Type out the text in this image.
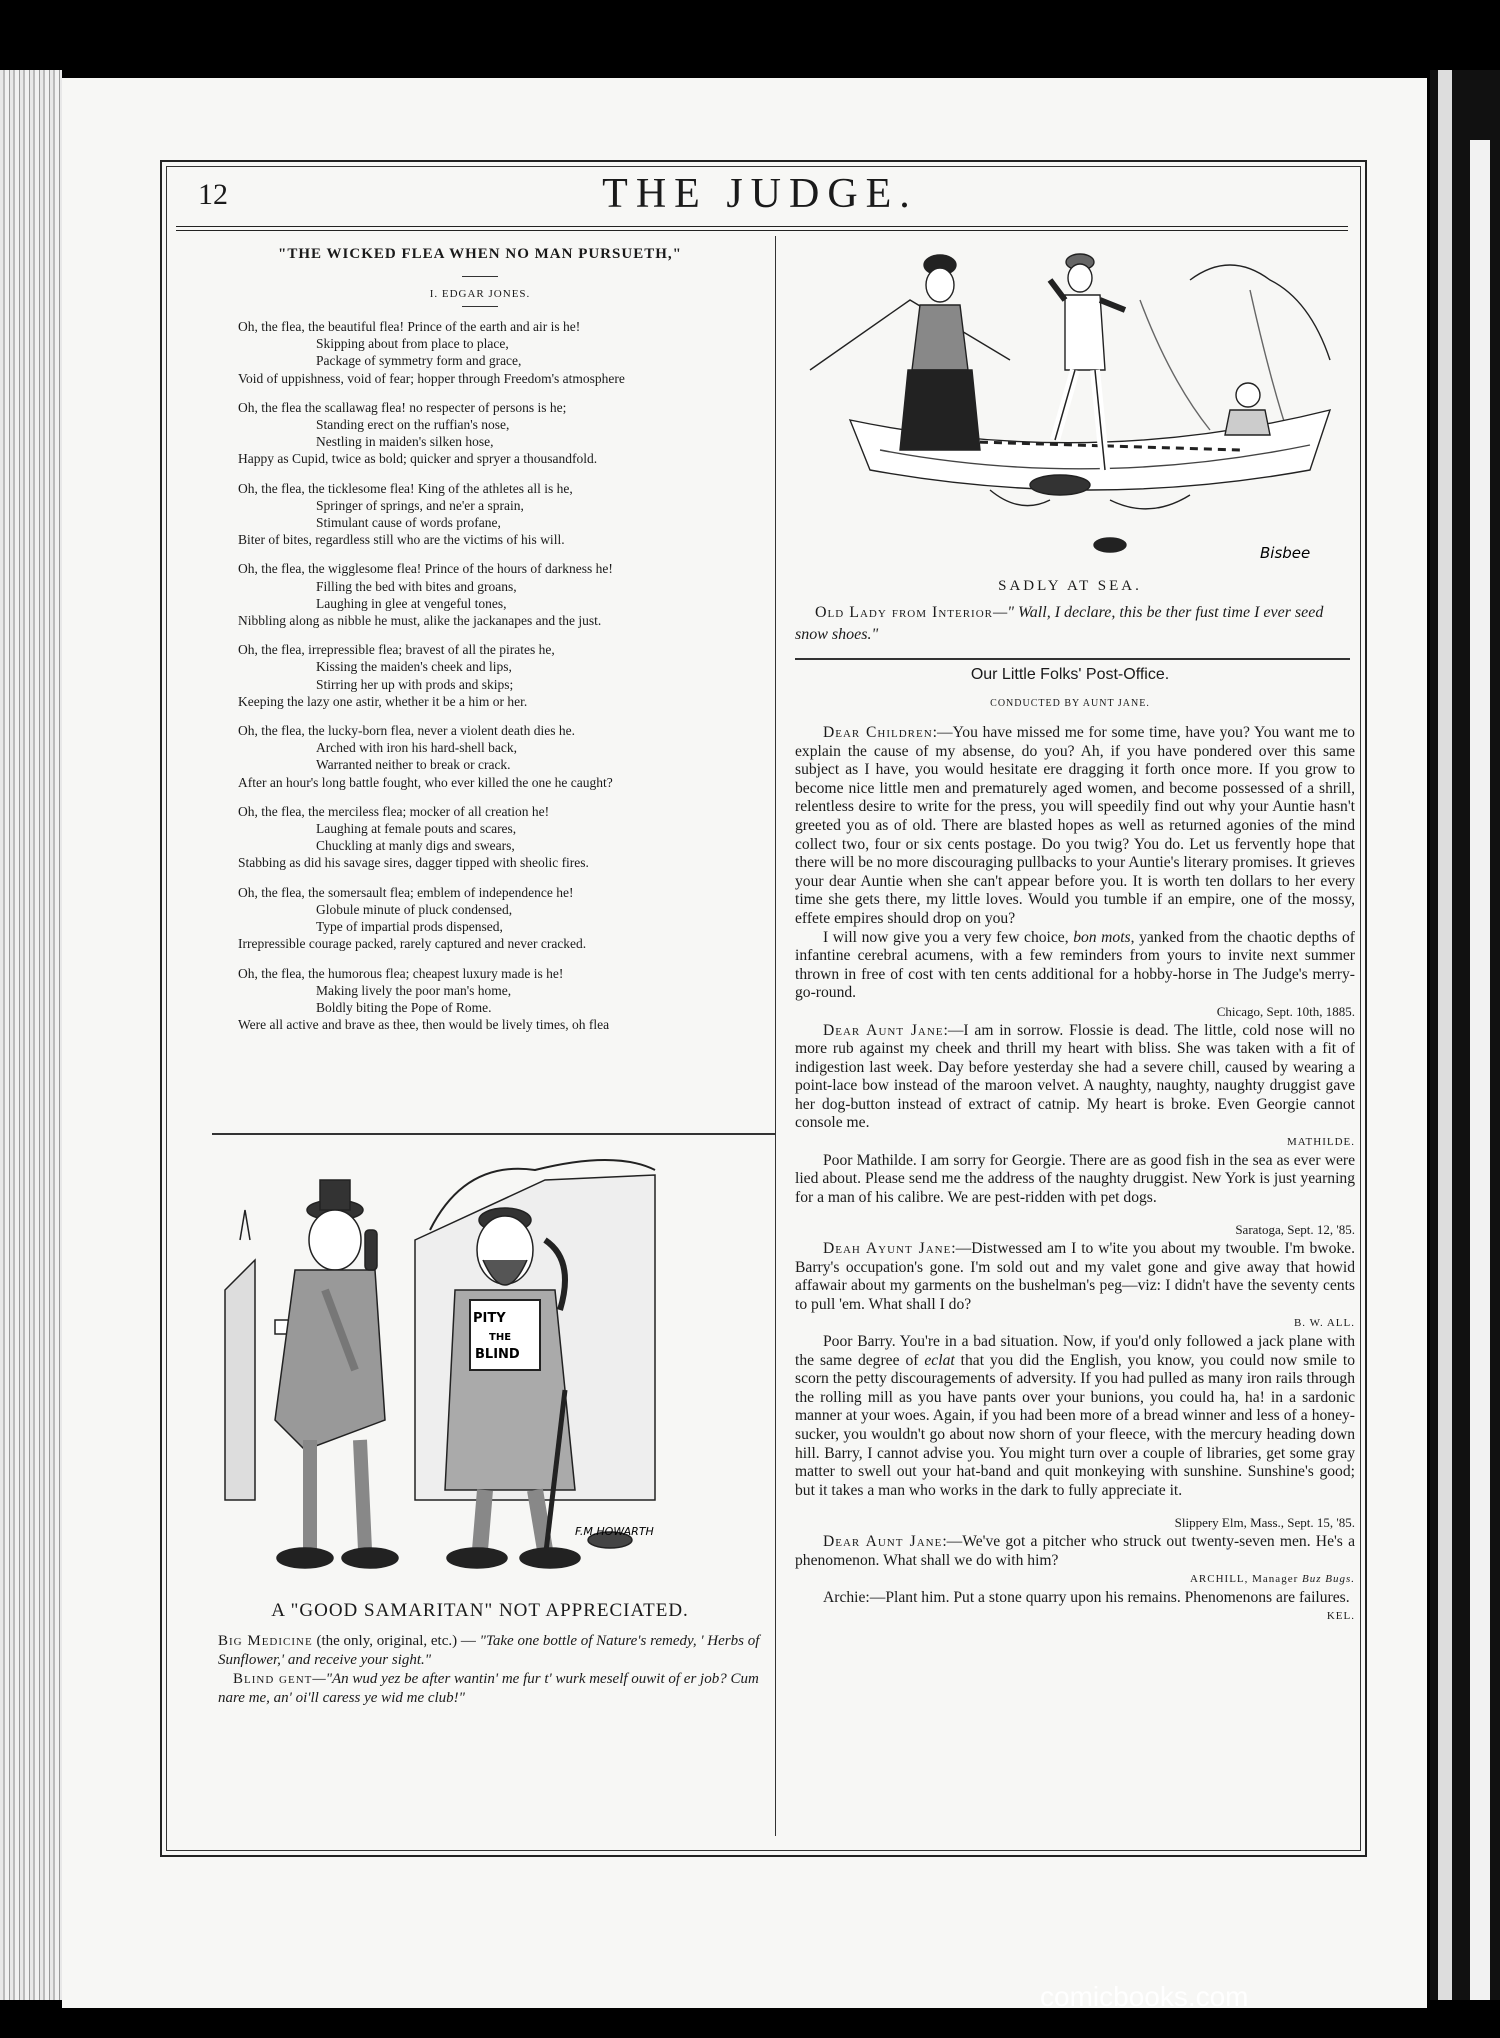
12	THE JUDGE.
"THE WICKED FLEA WHEN NO MAN PURSUETH,"
I. EDGAR JONES.
Oh, the flea, the beautiful flea! Prince of the earth and air is he!
Skipping about from place to place,
Package of symmetry form and grace,
Void of uppishness, void of fear; hopper through Freedom's atmosphere
Oh, the flea the scallawag flea! no respecter of persons is he;
Standing erect on the ruffian's nose,
Nestling in maiden's silken hose,
Happy as Cupid, twice as bold; quicker and spryer a thousandfold.
Oh, the flea, the ticklesome flea! King of the athletes all is he,
Springer of springs, and ne'er a sprain,
Stimulant cause of words profane,
Biter of bites, regardless still who are the victims of his will.
Oh, the flea, the wigglesome flea! Prince of the hours of darkness he!
Filling the bed with bites and groans,
Laughing in glee at vengeful tones,
Nibbling along as nibble he must, alike the jackanapes and the just.
Oh, the flea, irrepressible flea; bravest of all the pirates he,
Kissing the maiden's cheek and lips,
Stirring her up with prods and skips;
Keeping the lazy one astir, whether it be a him or her.
Oh, the flea, the lucky-born flea, never a violent death dies he.
Arched with iron his hard-shell back,
Warranted neither to break or crack.
After an hour's long battle fought, who ever killed the one he caught?
Oh, the flea, the merciless flea; mocker of all creation he!
Laughing at female pouts and scares,
Chuckling at manly digs and swears,
Stabbing as did his savage sires, dagger tipped with sheolic fires.
Oh, the flea, the somersault flea; emblem of independence he!
Globule minute of pluck condensed,
Type of impartial prods dispensed,
Irrepressible courage packed, rarely captured and never cracked.
Oh, the flea, the humorous flea; cheapest luxury made is he!
Making lively the poor man's home,
Boldly biting the Pope of Rome.
Were all active and brave as thee, then would be lively times, oh flea
PITY
THE
BLIND
F.M.HOWARTH
A "GOOD SAMARITAN" NOT APPRECIATED.
Big Medicine (the only, original, etc.) — "Take one bottle of Nature's remedy, ' Herbs of Sunflower,' and receive your sight."
Blind gent—"An wud yez be after wantin' me fur t' wurk meself ouwit of er job? Cum nare me, an' oi'll caress ye wid me club!"
Bisbee
SADLY AT SEA.
Old Lady from Interior—" Wall, I declare, this be ther fust time I ever seed snow shoes."
Our Little Folks' Post-Office.
CONDUCTED BY AUNT JANE.

Dear Children:—You have missed me for some time, have you? You want me to explain the cause of my absense, do you? Ah, if you have pondered over this same subject as I have, you would hesitate ere dragging it forth once more. If you grow to become nice little men and prematurely aged women, and become possessed of a shrill, relentless desire to write for the press, you will speedily find out why your Auntie hasn't greeted you as of old. There are blasted hopes as well as returned agonies of the mind collect two, four or six cents postage. Do you twig? You do. Let us fervently hope that there will be no more discouraging pullbacks to your Auntie's literary promises. It grieves your dear Auntie when she can't appear before you. It is worth ten dollars to her every time she gets there, my little loves. Would you tumble if an empire, one of the mossy, effete empires should drop on you?

I will now give you a very few choice, bon mots, yanked from the chaotic depths of infantine cerebral acumens, with a few reminders from yours to invite next summer thrown in free of cost with ten cents additional for a hobby-horse in The Judge's merry-go-round.

Chicago, Sept. 10th, 1885.

Dear Aunt Jane:—I am in sorrow. Flossie is dead. The little, cold nose will no more rub against my cheek and thrill my heart with bliss. She was taken with a fit of indigestion last week. Day before yesterday she had a severe chill, caused by wearing a point-lace bow instead of the maroon velvet. A naughty, naughty, naughty druggist gave her dog-button instead of extract of catnip. My heart is broke. Even Georgie cannot console me.

MATHILDE.

Poor Mathilde. I am sorry for Georgie. There are as good fish in the sea as ever were lied about. Please send me the address of the naughty druggist. New York is just yearning for a man of his calibre. We are pest-ridden with pet dogs.

Saratoga, Sept. 12, '85.

Deah Ayunt Jane:—Distwessed am I to w'ite you about my twouble. I'm bwoke. Barry's occupation's gone. I'm sold out and my valet gone and give away that howid affawair about my garments on the bushelman's peg—viz: I didn't have the seventy cents to pull 'em. What shall I do?

B. W. ALL.

Poor Barry. You're in a bad situation. Now, if you'd only followed a jack plane with the same degree of eclat that you did the English, you know, you could now smile to scorn the petty discouragements of adversity. If you had pulled as many iron rails through the rolling mill as you have pants over your bunions, you could ha, ha! in a sardonic manner at your woes. Again, if you had been more of a bread winner and less of a honey-sucker, you wouldn't go about now shorn of your fleece, with the mercury heading down hill. Barry, I cannot advise you. You might turn over a couple of libraries, get some gray matter to swell out your hat-band and quit monkeying with sunshine. Sunshine's good; but it takes a man who works in the dark to fully appreciate it.

Slippery Elm, Mass., Sept. 15, '85.

Dear Aunt Jane:—We've got a pitcher who struck out twenty-seven men. He's a phenomenon. What shall we do with him?

ARCHILL, Manager Buz Bugs.

Archie:—Plant him. Put a stone quarry upon his remains. Phenomenons are failures.

KEL.

comicbooks.com
